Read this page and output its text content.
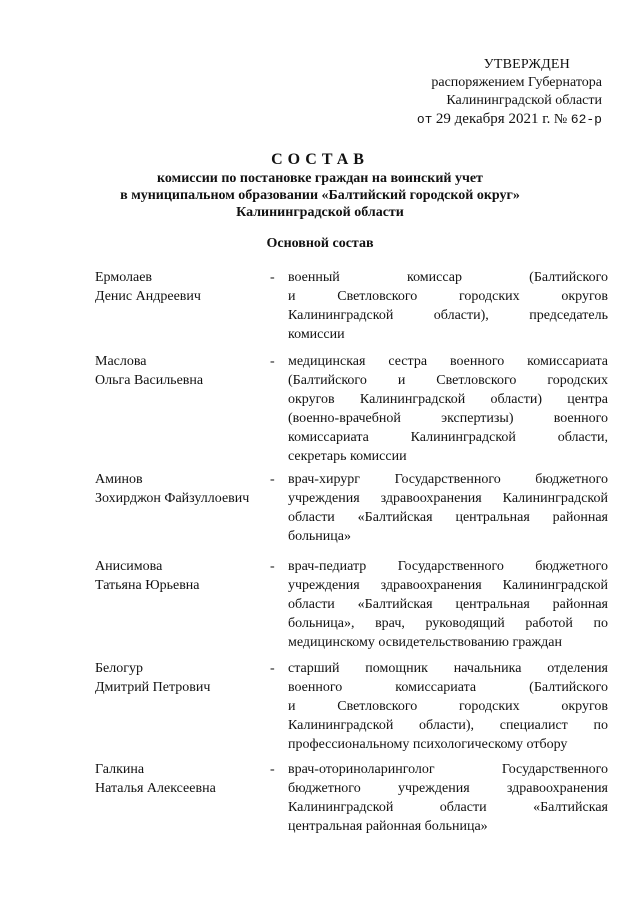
УТВЕРЖДЕН
распоряжением Губернатора
Калининградской области
от 29 декабря 2021 г. № 62-р
СОСТАВ
комиссии по постановке граждан на воинский учет
в муниципальном образовании «Балтийский городской округ»
Калининградской области
Основной состав
Ермолаев
Денис Андреевич
- военный комиссар (Балтийского
и Светловского городских округов
Калининградской области), председатель
комиссии
Маслова
Ольга Васильевна
- медицинская сестра военного комиссариата
(Балтийского и Светловского городских
округов Калининградской области) центра
(военно-врачебной экспертизы) военного
комиссариата Калининградской области,
секретарь комиссии
Аминов
Зохирджон Файзуллоевич
- врач-хирург Государственного бюджетного
учреждения здравоохранения Калининградской
области «Балтийская центральная районная
больница»
Анисимова
Татьяна Юрьевна
- врач-педиатр Государственного бюджетного
учреждения здравоохранения Калининградской
области «Балтийская центральная районная
больница», врач, руководящий работой по
медицинскому освидетельствованию граждан
Белогур
Дмитрий Петрович
- старший помощник начальника отделения
военного комиссариата (Балтийского
и Светловского городских округов
Калининградской области), специалист по
профессиональному психологическому отбору
Галкина
Наталья Алексеевна
- врач-оториноларинголог Государственного
бюджетного учреждения здравоохранения
Калининградской области «Балтийская
центральная районная больница»
